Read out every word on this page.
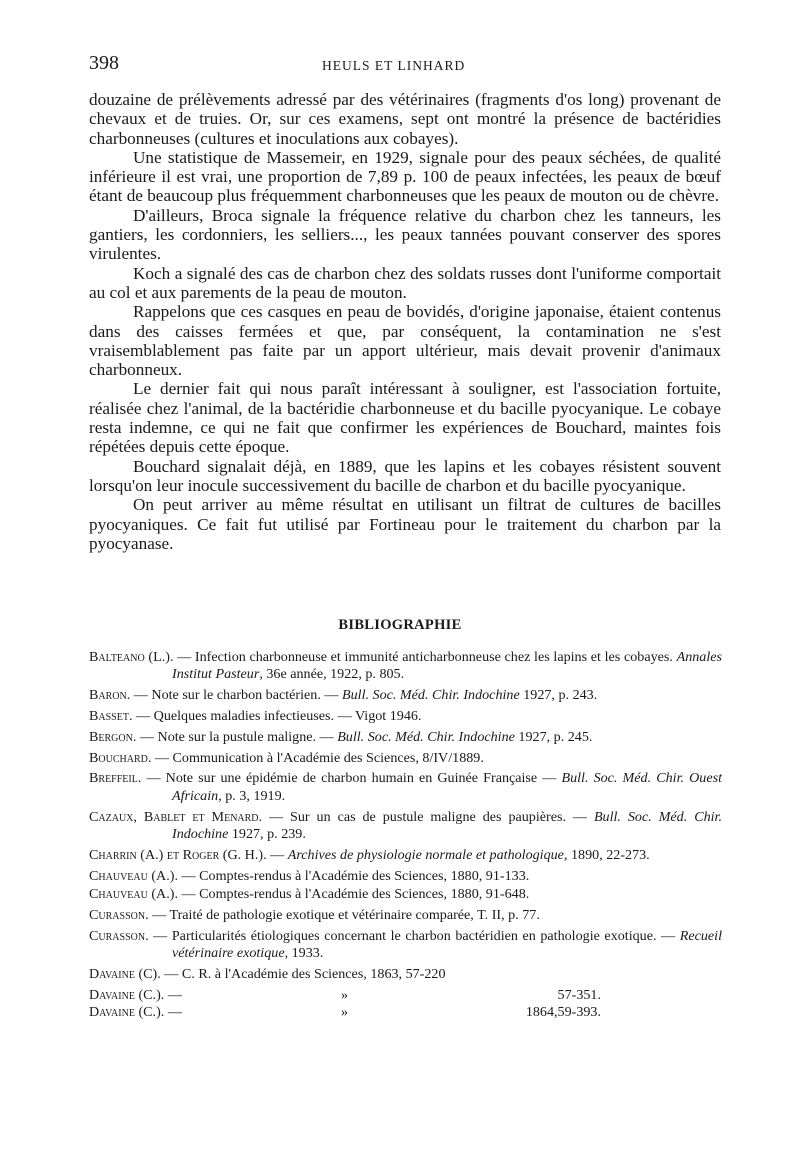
398	HEULS ET LINHARD

douzaine de prélèvements adressé par des vétérinaires (fragments d'os long) provenant de chevaux et de truies. Or, sur ces examens, sept ont montré la présence de bactéridies charbonneuses (cultures et inoculations aux cobayes).

Une statistique de Massemeir, en 1929, signale pour des peaux séchées, de qualité inférieure il est vrai, une proportion de 7,89 p. 100 de peaux infectées, les peaux de bœuf étant de beaucoup plus fréquemment charbonneuses que les peaux de mouton ou de chèvre.

D'ailleurs, Broca signale la fréquence relative du charbon chez les tanneurs, les gantiers, les cordonniers, les selliers..., les peaux tannées pouvant conserver des spores virulentes.

Koch a signalé des cas de charbon chez des soldats russes dont l'uniforme comportait au col et aux parements de la peau de mouton.

Rappelons que ces casques en peau de bovidés, d'origine japonaise, étaient contenus dans des caisses fermées et que, par conséquent, la contamination ne s'est vraisemblablement pas faite par un apport ultérieur, mais devait provenir d'animaux charbonneux.

Le dernier fait qui nous paraît intéressant à souligner, est l'association fortuite, réalisée chez l'animal, de la bactéridie charbonneuse et du bacille pyocyanique. Le cobaye resta indemne, ce qui ne fait que confirmer les expériences de Bouchard, maintes fois répétées depuis cette époque.

Bouchard signalait déjà, en 1889, que les lapins et les cobayes résistent souvent lorsqu'on leur inocule successivement du bacille de charbon et du bacille pyocyanique.

On peut arriver au même résultat en utilisant un filtrat de cultures de bacilles pyocyaniques. Ce fait fut utilisé par Fortineau pour le traitement du charbon par la pyocyanase.

BIBLIOGRAPHIE
Balteano (L.). — Infection charbonneuse et immunité anticharbonneuse chez les lapins et les cobayes. Annales Institut Pasteur, 36e année, 1922, p. 805.
Baron. — Note sur le charbon bactérien. — Bull. Soc. Méd. Chir. Indochine 1927, p. 243.
Basset. — Quelques maladies infectieuses. — Vigot 1946.
Bergon. — Note sur la pustule maligne. — Bull. Soc. Méd. Chir. Indochine 1927, p. 245.
Bouchard. — Communication à l'Académie des Sciences, 8/IV/1889.
Breffeil. — Note sur une épidémie de charbon humain en Guinée Française — Bull. Soc. Méd. Chir. Ouest Africain, p. 3, 1919.
Cazaux, Bablet et Menard. — Sur un cas de pustule maligne des paupières. — Bull. Soc. Méd. Chir. Indochine 1927, p. 239.
Charrin (A.) et Roger (G. H.). — Archives de physiologie normale et pathologique, 1890, 22-273.
Chauveau (A.). — Comptes-rendus à l'Académie des Sciences, 1880, 91-133.
Chauveau (A.). — Comptes-rendus à l'Académie des Sciences, 1880, 91-648.
Curasson. — Traité de pathologie exotique et vétérinaire comparée, T. II, p. 77.
Curasson. — Particularités étiologiques concernant le charbon bactéridien en pathologie exotique. — Recueil vétérinaire exotique, 1933.
Davaine (C). — C. R. à l'Académie des Sciences, 1863, 57-220
Davaine (C.). —	»	57-351.
Davaine (C.). —	»	1864,59-393.
